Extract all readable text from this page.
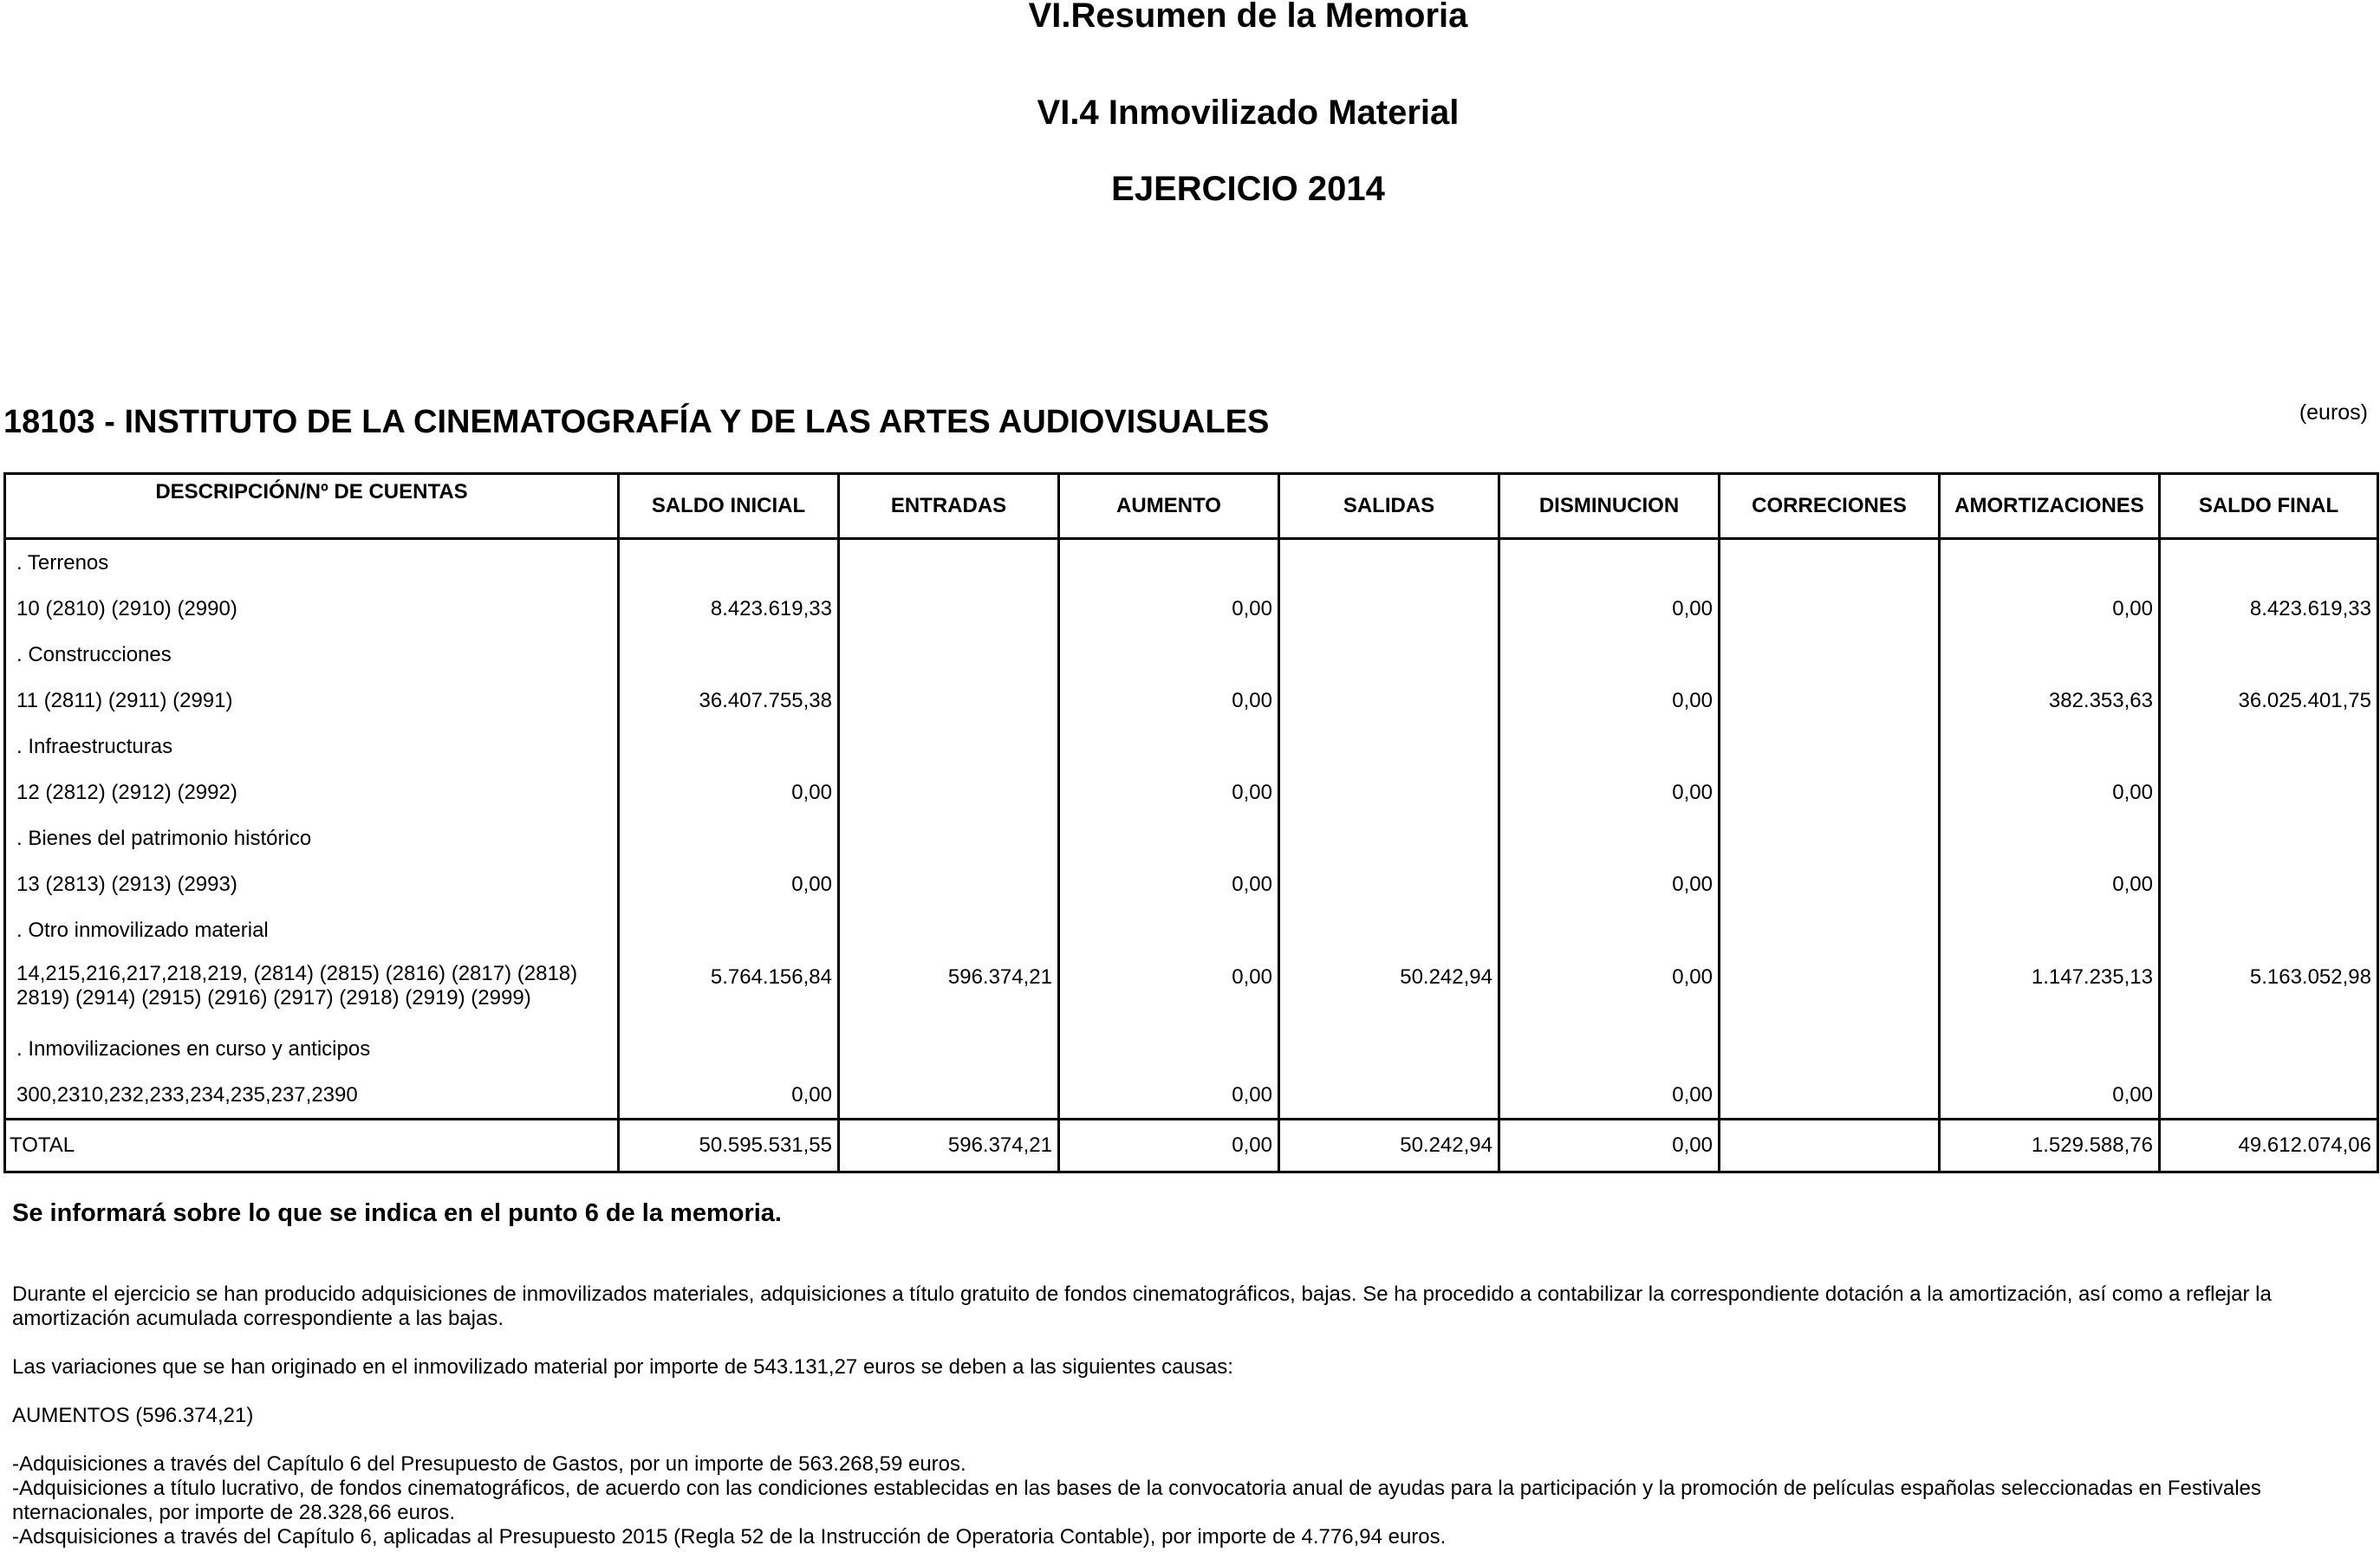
VI.Resumen de la Memoria
VI.4 Inmovilizado Material
EJERCICIO 2014
18103 - INSTITUTO DE LA CINEMATOGRAFÍA Y DE LAS ARTES AUDIOVISUALES	(euros)
DESCRIPCIÓN/Nº DE CUENTAS	SALDO INICIAL	ENTRADAS	AUMENTO	SALIDAS	DISMINUCION	CORRECIONES	AMORTIZACIONES	SALDO FINAL
. Terrenos								
10 (2810) (2910) (2990)	8.423.619,33		0,00		0,00		0,00	8.423.619,33
. Construcciones								
11 (2811) (2911) (2991)	36.407.755,38		0,00		0,00		382.353,63	36.025.401,75
. Infraestructuras								
12 (2812) (2912) (2992)	0,00		0,00		0,00		0,00	
. Bienes del patrimonio histórico								
13 (2813) (2913) (2993)	0,00		0,00		0,00		0,00	
. Otro inmovilizado material								
14,215,216,217,218,219, (2814) (2815) (2816) (2817) (2818) 2819) (2914) (2915) (2916) (2917) (2918) (2919) (2999)	5.764.156,84	596.374,21	0,00	50.242,94	0,00		1.147.235,13	5.163.052,98
. Inmovilizaciones en curso y anticipos								
300,2310,232,233,234,235,237,2390	0,00		0,00		0,00		0,00	
TOTAL	50.595.531,55	596.374,21	0,00	50.242,94	0,00		1.529.588,76	49.612.074,06
Se informará sobre lo que se indica en el punto 6 de la memoria.
Durante el ejercicio se han producido adquisiciones de inmovilizados materiales, adquisiciones a título gratuito de fondos cinematográficos, bajas. Se ha procedido a contabilizar la correspondiente dotación a la amortización, así como a reflejar la
amortización acumulada correspondiente a las bajas.
Las variaciones que se han originado en el inmovilizado material por importe de 543.131,27 euros se deben a las siguientes causas:
AUMENTOS (596.374,21)
-Adquisiciones a través del Capítulo 6 del Presupuesto de Gastos, por un importe de 563.268,59 euros.
-Adquisiciones a título lucrativo, de fondos cinematográficos, de acuerdo con las condiciones establecidas en las bases de la convocatoria anual de ayudas para la participación y la promoción de películas españolas seleccionadas en Festivales
nternacionales, por importe de 28.328,66 euros.
-Adsquisiciones a través del Capítulo 6, aplicadas al Presupuesto 2015 (Regla 52 de la Instrucción de Operatoria Contable), por importe de 4.776,94 euros.
